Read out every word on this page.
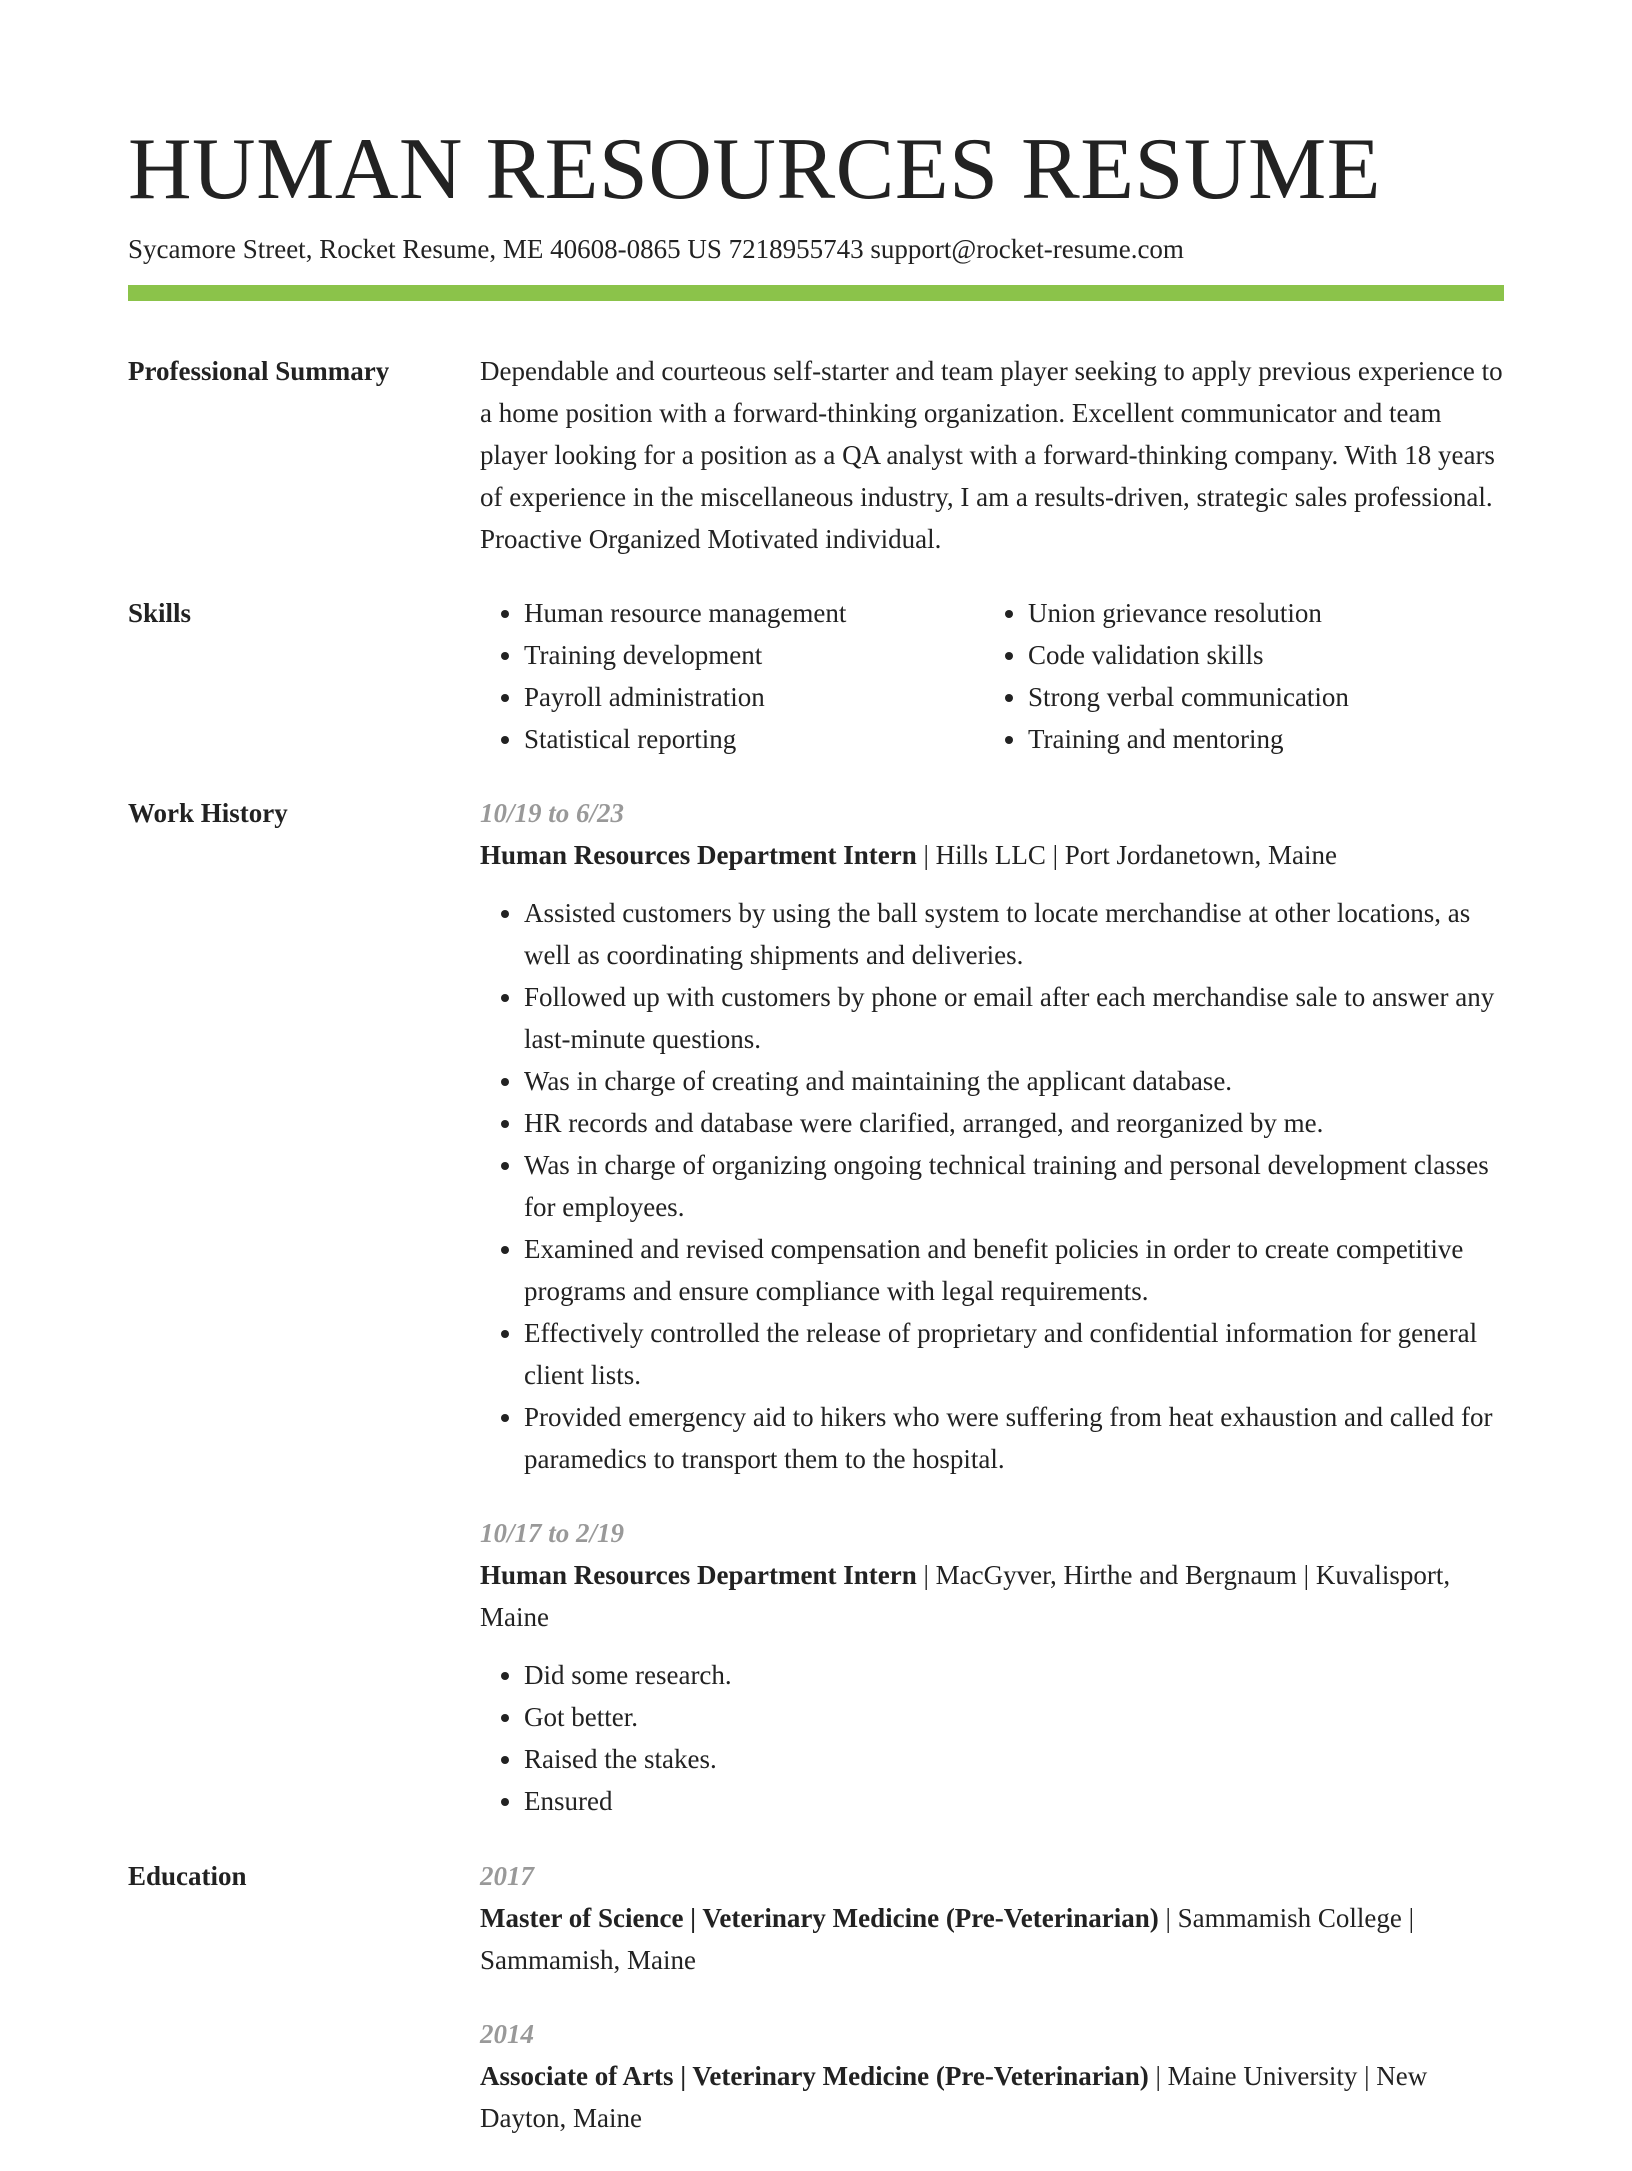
HUMAN RESOURCES RESUME
Sycamore Street, Rocket Resume, ME 40608-0865 US 7218955743 support@rocket-resume.com
Professional Summary	Dependable and courteous self-starter and team player seeking to apply previous experience to a home position with a forward-thinking organization. Excellent communicator and team player looking for a position as a QA analyst with a forward-thinking company. With 18 years of experience in the miscellaneous industry, I am a results-driven, strategic sales professional. Proactive Organized Motivated individual.

Skills
•	Human resource management
• Training development
• Payroll administration
• Statistical reporting
• Union grievance resolution
• Code validation skills
• Strong verbal communication
• Training and mentoring
Work History	10/19 to 6/23

Human Resources Department Intern | Hills LLC | Port Jordanetown, Maine

• Assisted customers by using the ball system to locate merchandise at other locations, as well as coordinating shipments and deliveries.
• Followed up with customers by phone or email after each merchandise sale to answer any last-minute questions.
• Was in charge of creating and maintaining the applicant database.
• HR records and database were clarified, arranged, and reorganized by me.
• Was in charge of organizing ongoing technical training and personal development classes for employees.
• Examined and revised compensation and benefit policies in order to create competitive programs and ensure compliance with legal requirements.
• Effectively controlled the release of proprietary and confidential information for general client lists.
• Provided emergency aid to hikers who were suffering from heat exhaustion and called for paramedics to transport them to the hospital.

10/17 to 2/19

Human Resources Department Intern | MacGyver, Hirthe and Bergnaum | Kuvalisport, Maine

• Did some research.
• Got better.
• Raised the stakes.
• Ensured
Education	2017

Master of Science | Veterinary Medicine (Pre-Veterinarian) | Sammamish College | Sammamish, Maine

2014

Associate of Arts | Veterinary Medicine (Pre-Veterinarian) | Maine University | New Dayton, Maine
